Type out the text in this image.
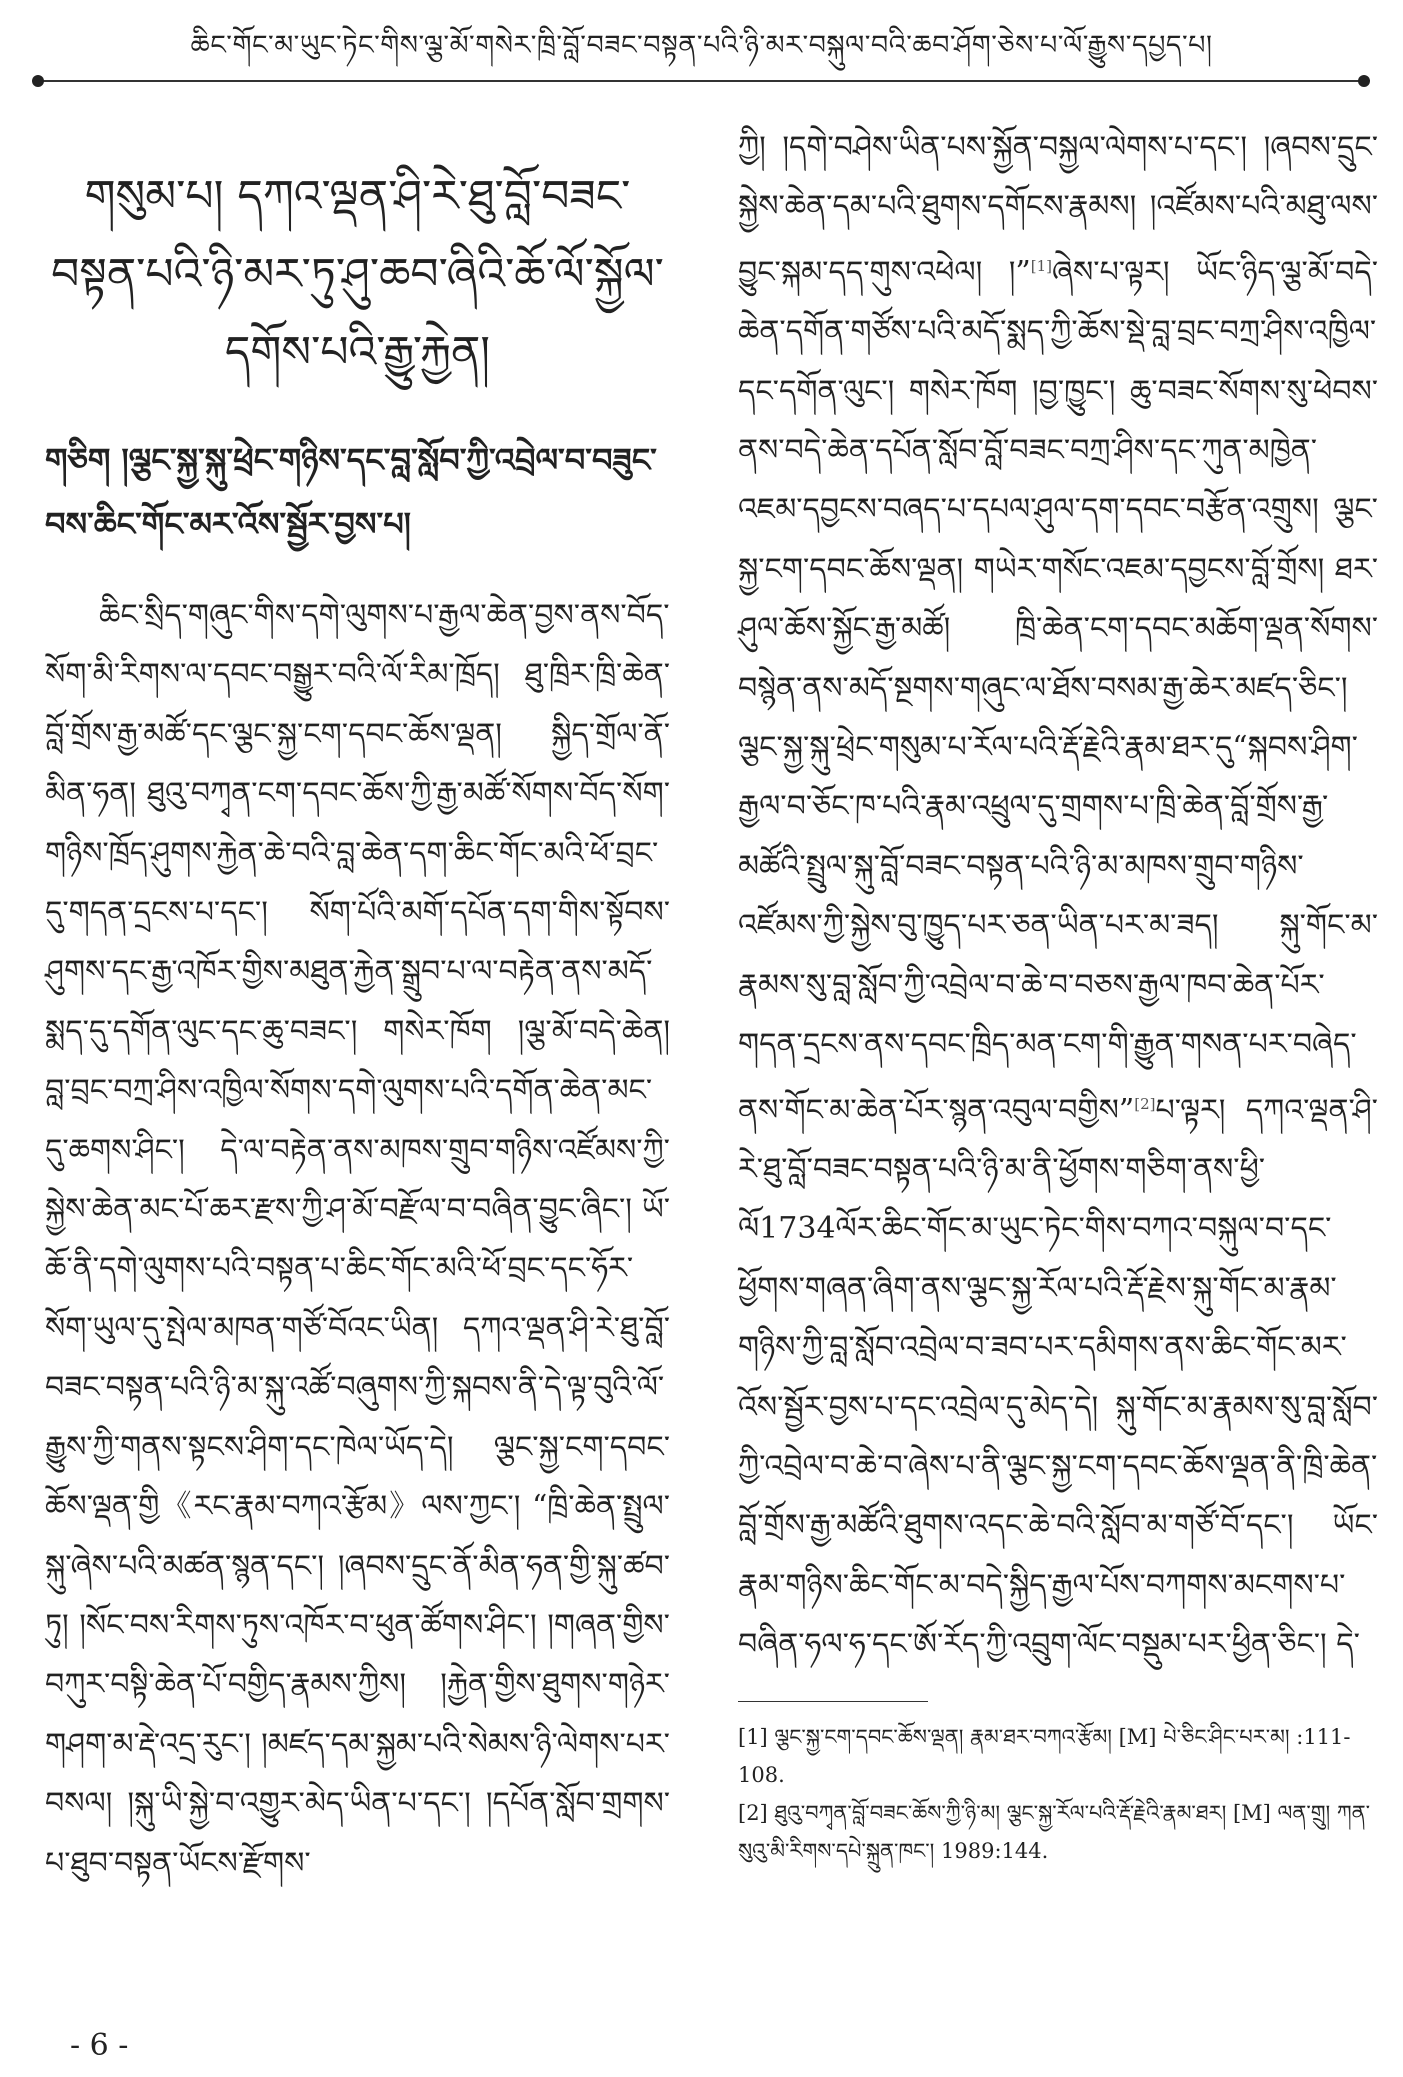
ཆིང་གོང་མ་ཡུང་ཏེང་གིས་ལྕ་མོ་གསེར་ཁྲི་བློ་བཟང་བསྟན་པའི་ཉི་མར་བསྐུལ་བའི་ཆབ་ཤོག་ཅེས་པ་ལོ་རྒྱུས་དཔྱད་པ།
གསུམ་པ། དཀའ་ལྡན་ཤི་རེ་ཐུ་བློ་བཟང་བསྟན་པའི་ཉི་མར་ཏུ་ཤུ་ཆབ་ཞིའི་ཆོ་ལོ་སྐྱོལ་དགོས་པའི་རྒྱུ་རྐྱེན།
གཅིག །ལྕང་སྐྱ་སྐུ་ཕྲེང་གཉིས་དང་བླ་སློབ་ཀྱི་འབྲེལ་བ་བཟུང་བས་ཆིང་གོང་མར་འོས་སྦྱོར་བྱས་པ།

ཆིང་སྲིད་གཞུང་གིས་དགེ་ལུགས་པ་རྒྱལ་ཆེན་བྱས་ནས་བོད་སོག་མི་རིགས་ལ་དབང་བསྒྱུར་བའི་ལོ་རིམ་ཁྲོད། ཐུ་ཁྲིར་ཁྲི་ཆེན་བློ་གྲོས་རྒྱ་མཚོ་དང་ལྕང་སྐྱ་ངག་དབང་ཆོས་ལྡན། སྐྱིད་གྲོལ་ནོ་མིན་ཧན། ཐུའུ་བཀྭན་ངག་དབང་ཆོས་ཀྱི་རྒྱ་མཚོ་སོགས་བོད་སོག་གཉིས་ཁྲོད་ཤུགས་རྐྱེན་ཆེ་བའི་བླ་ཆེན་དག་ཆིང་གོང་མའི་ཕོ་བྲང་དུ་གདན་དྲངས་པ་དང་། སོག་པོའི་མགོ་དཔོན་དག་གིས་སྟོབས་ཤུགས་དང་རྒྱ་འཁོར་གྱིས་མཐུན་རྐྱེན་སྒྲུབ་པ་ལ་བརྟེན་ནས་མདོ་སྨད་དུ་དགོན་ལུང་དང་ཆུ་བཟང་། གསེར་ཁོག །ལྕ་མོ་བདེ་ཆེན། བླ་བྲང་བཀྲ་ཤིས་འཁྱིལ་སོགས་དགེ་ལུགས་པའི་དགོན་ཆེན་མང་དུ་ཆགས་ཤིང་། དེ་ལ་བརྟེན་ནས་མཁས་གྲུབ་གཉིས་འཛོམས་ཀྱི་སྐྱེས་ཆེན་མང་པོ་ཆར་རྫས་ཀྱི་ཤ་མོ་བརྫོལ་བ་བཞིན་བྱུང་ཞིང་། ཡོ་ཆོ་ནི་དགེ་ལུགས་པའི་བསྟན་པ་ཆིང་གོང་མའི་ཕོ་བྲང་དང་ཧོར་སོག་ཡུལ་དུ་སྤེལ་མཁན་གཙོ་བོའང་ཡིན། དཀའ་ལྡན་ཤི་རེ་ཐུ་བློ་བཟང་བསྟན་པའི་ཉི་མ་སྐུ་འཚོ་བཞུགས་ཀྱི་སྐབས་ནི་དེ་ལྟ་བུའི་ལོ་རྒྱུས་ཀྱི་གནས་སྟངས་ཤིག་དང་ཁེལ་ཡོད་དེ། ལྕང་སྐྱ་ངག་དབང་ཆོས་ལྡན་གྱི《རང་རྣམ་བཀའ་རྩོམ》ལས་ཀྱང་། “ཁྲི་ཆེན་སྤྲུལ་སྐུ་ཞེས་པའི་མཚན་སྙན་དང་། །ཞབས་དྲུང་ནོ་མིན་ཧན་གྱི་སྐུ་ཚབ་ཏུ། །སོང་བས་རིགས་ཏུས་འཁོར་བ་ཕུན་ཚོགས་ཤིང་། །གཞན་གྱིས་བཀུར་བསྟི་ཆེན་པོ་བགྱིད་རྣམས་ཀྱིས། །རྐྱེན་གྱིས་ཐུགས་གཉེར་གཤག་མ་རྡེ་འདྲ་རུང་། །མཛད་དམ་སྐྱམ་པའི་སེམས་ཉི་ལེགས་པར་བསལ། །སྐུ་ཡི་སྐྱེ་བ་འགྱུར་མེད་ཡིན་པ་དང་། །དཔོན་སློབ་གྲགས་པ་ཐུབ་བསྟན་ཡོངས་རྫོགས་

ཀྱི། །དགེ་བཤེས་ཡིན་པས་སྐྱོན་བསྐྱལ་ལེགས་པ་དང་། །ཞབས་དྲུང་སྐྱེས་ཆེན་དམ་པའི་ཐུགས་དགོངས་རྣམས། །འཛོམས་པའི་མཐུ་ལས་བྱུང་སྐམ་དད་གུས་འཕེལ། །”[1]ཞེས་པ་ལྟར། ཡོང་ཉིད་ལྕ་མོ་བདེ་ཆེན་དགོན་གཙོས་པའི་མདོ་སྨད་ཀྱི་ཆོས་སྡེ་བླ་བྲང་བཀྲ་ཤིས་འཁྱིལ་དང་དགོན་ལུང་། གསེར་ཁོག །བྱ་ཁྱུང་། ཆུ་བཟང་སོགས་སུ་ཕེབས་ནས་བདེ་ཆེན་དཔོན་སློབ་བློ་བཟང་བཀྲ་ཤིས་དང་ཀུན་མཁྱེན་འཇམ་དབྱངས་བཞད་པ་དཔལ་ཤུལ་དག་དབང་བརྩོན་འགྲུས། ལྕང་སྐྱ་ངག་དབང་ཆོས་ལྡན། གཡེར་གསོང་འཇམ་དབྱངས་བློ་གྲོས། ཐར་ཤུལ་ཆོས་སྐྱོང་རྒྱ་མཚོ། ཁྲི་ཆེན་ངག་དབང་མཆོག་ལྡན་སོགས་བསྙེན་ནས་མདོ་སྔགས་གཞུང་ལ་ཐོས་བསམ་རྒྱ་ཆེར་མཛད་ཅིང་། ལྕང་སྐྱ་སྐུ་ཕྲེང་གསུམ་པ་རོལ་པའི་རྡོ་རྗེའི་རྣམ་ཐར་དུ“སྐབས་ཤིག་རྒྱལ་བ་ཅོང་ཁ་པའི་རྣམ་འཕྲུལ་དུ་གྲགས་པ་ཁྲི་ཆེན་བློ་གྲོས་རྒྱ་མཚོའི་སྤྲུལ་སྐུ་བློ་བཟང་བསྟན་པའི་ཉི་མ་མཁས་གྲུབ་གཉིས་འཛོམས་ཀྱི་སྐྱེས་བུ་ཁྱུད་པར་ཅན་ཡིན་པར་མ་ཟད། སྐུ་གོང་མ་རྣམས་སུ་བླ་སློབ་ཀྱི་འབྲེལ་བ་ཆེ་བ་བཅས་རྒྱལ་ཁབ་ཆེན་པོར་གདན་དྲངས་ནས་དབང་ཁྲིད་མན་ངག་གི་རྒྱུན་གསན་པར་བཞེད་ནས་གོང་མ་ཆེན་པོར་སྙན་འབུལ་བགྱིས”[2]པ་ལྟར། དཀའ་ལྡན་ཤི་རེ་ཐུ་བློ་བཟང་བསྟན་པའི་ཉི་མ་ནི་ཕྱོགས་གཅིག་ནས་ཕྱི་ལོ1734ལོར་ཆིང་གོང་མ་ཡུང་ཏེང་གིས་བཀའ་བསྐུལ་བ་དང་ཕྱོགས་གཞན་ཞིག་ནས་ལྕང་སྐྱ་རོལ་པའི་རྡོ་རྗེས་སྐུ་གོང་མ་རྣམ་གཉིས་ཀྱི་བླ་སློབ་འབྲེལ་བ་ཟབ་པར་དམིགས་ནས་ཆིང་གོང་མར་འོས་སྦྱོར་བྱས་པ་དང་འབྲེལ་དུ་མེད་དེ། སྐུ་གོང་མ་རྣམས་སུ་བླ་སློབ་ཀྱི་འབྲེལ་བ་ཆེ་བ་ཞེས་པ་ནི་ལྕང་སྐྱ་ངག་དབང་ཆོས་ལྡན་ནི་ཁྲི་ཆེན་བློ་གྲོས་རྒྱ་མཚོའི་ཐུགས་འདང་ཆེ་བའི་སློབ་མ་གཙོ་བོ་དང་། ཡོང་རྣམ་གཉིས་ཆིང་གོང་མ་བདེ་སྐྱིད་རྒྱལ་པོས་བཀགས་མངགས་པ་བཞིན་ཧལ་ཧ་དང་ཨོ་རོད་ཀྱི་འབྲུག་ལོང་བསྡུམ་པར་ཕྱིན་ཅིང་། དེ་

[1] ལྕང་སྐྱ་ངག་དབང་ཆོས་ལྡན། རྣམ་ཐར་བཀའ་རྩོམ། [M] པེ་ཅིང་ཤིང་པར་མ། :111-108.

[2] ཐུའུ་བཀྭན་བློ་བཟང་ཆོས་ཀྱི་ཉི་མ། ལྕང་སྐྱ་རོལ་པའི་རྡོ་རྗེའི་རྣམ་ཐར། [M] ལན་གྲུ། ཀན་སུའུ་མི་རིགས་དཔེ་སྐྲུན་ཁང་། 1989:144.

- 6 -
